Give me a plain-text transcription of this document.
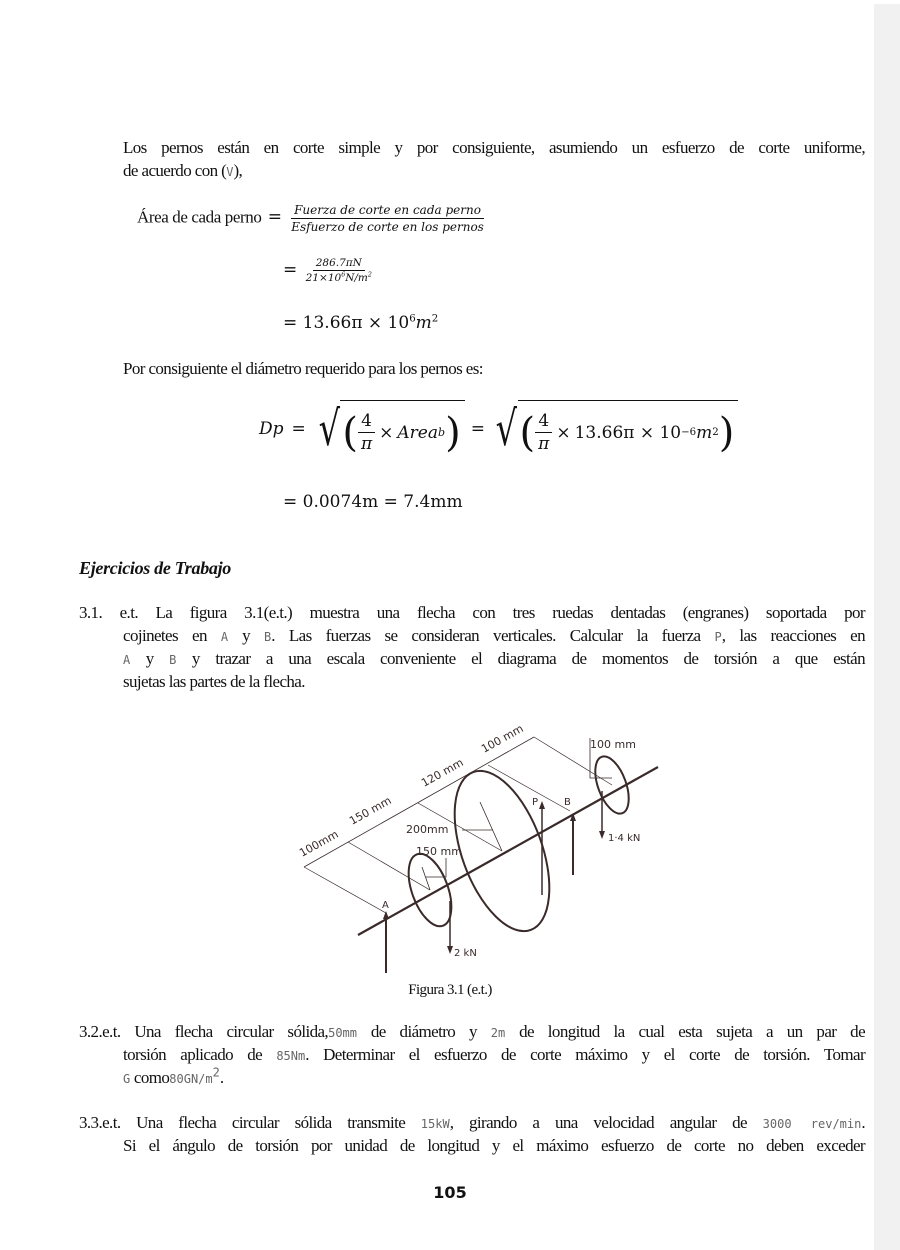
Los pernos están en corte simple y por consiguiente, asumiendo un esfuerzo de corte uniforme,
de acuerdo con (V),
Área de cada perno = $\frac{\text{Fuerza de corte en cada perno}}{\text{Esfuerzo de corte en los pernos}}$
= $\frac{286.7\pi N}{21\times 10^6N/m^2}$
= $13.66\pi \times 10^6m^2$
Por consiguiente el diámetro requerido para los pernos es:
Dp = √ ( $\frac{4}{\pi}$ × Area b ) = √ ( $\frac{4}{\pi} \times 13.66\pi \times 10 -6$ m 2 )
= 0.0074m = 7.4mm
Ejercicios de Trabajo
3.1. e.t. La figura 3.1(e.t.) muestra una flecha con tres ruedas dentadas (engranes) soportada por
cojinetes en A y B. Las fuerzas se consideran verticales. Calcular la fuerza P, las reacciones en
A y B y trazar a una escala conveniente el diagrama de momentos de torsión a que están
sujetas las partes de la flecha.
100mm
150 mm
120 mm
100 mm	100 mm
200mm
150 mm
A
B
P
2 kN
1·4 kN
Figura 3.1 (e.t.)
3.2.e.t. Una flecha circular sólida,50mm de diámetro y 2m de longitud la cual esta sujeta a un par de
torsión aplicado de 85Nm. Determinar el esfuerzo de corte máximo y el corte de torsión. Tomar
G $como80GN/m^2$.
3.3.e.t. Una flecha circular sólida transmite 15kW, girando a una velocidad angular de 3000 rev/min.
Si el ángulo de torsión por unidad de longitud y el máximo esfuerzo de corte no deben exceder
105
